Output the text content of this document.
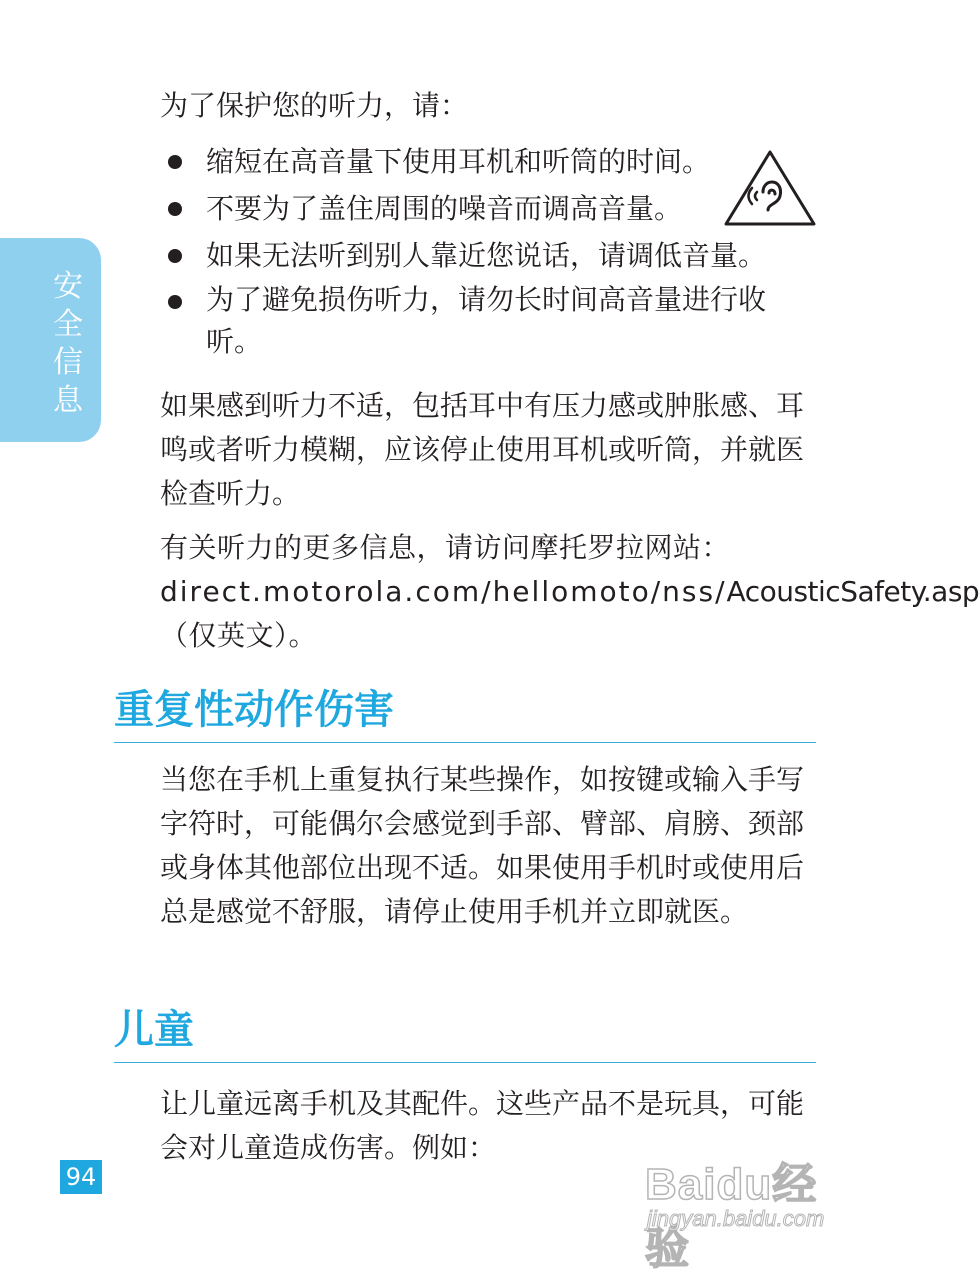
安
全
信
息

为了保护您的听力，请：

缩短在高音量下使用耳机和听筒的时间。
不要为了盖住周围的噪音而调高音量。
如果无法听到别人靠近您说话，请调低音量。
为了避免损伤听力，请勿长时间高音量进行收听。

如果感到听力不适，包括耳中有压力感或肿胀感、耳鸣或者听力模糊，应该停止使用耳机或听筒，并就医检查听力。

有关听力的更多信息，请访问摩托罗拉网站：direct.motorola.com/hellomoto/nss/AcousticSafety.asp（仅英文）。

重复性动作伤害

当您在手机上重复执行某些操作，如按键或输入手写字符时，可能偶尔会感觉到手部、臂部、肩膀、颈部或身体其他部位出现不适。如果使用手机时或使用后总是感觉不舒服，请停止使用手机并立即就医。

儿童

让儿童远离手机及其配件。这些产品不是玩具，可能会对儿童造成伤害。例如：

94	Baidu经验
jingyan.baidu.com
